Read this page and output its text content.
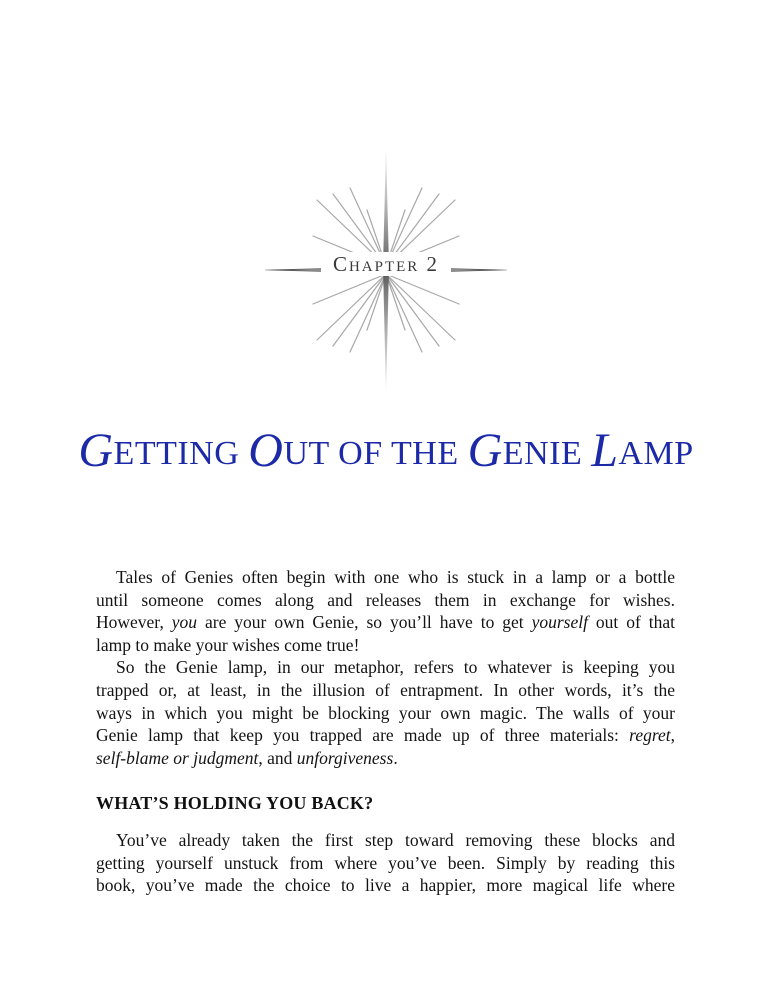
Chapter 2
GETTING OUT OF THE GENIE LAMP

Tales of Genies often begin with one who is stuck in a lamp or a bottle
until someone comes along and releases them in exchange for wishes.
However, you are your own Genie, so you’ll have to get yourself out of that
lamp to make your wishes come true!

So the Genie lamp, in our metaphor, refers to whatever is keeping you
trapped or, at least, in the illusion of entrapment. In other words, it’s the
ways in which you might be blocking your own magic. The walls of your
Genie lamp that keep you trapped are made up of three materials: regret,
self-blame or judgment, and unforgiveness.

WHAT’S HOLDING YOU BACK?

You’ve already taken the first step toward removing these blocks and
getting yourself unstuck from where you’ve been. Simply by reading this
book, you’ve made the choice to live a happier, more magical life where
